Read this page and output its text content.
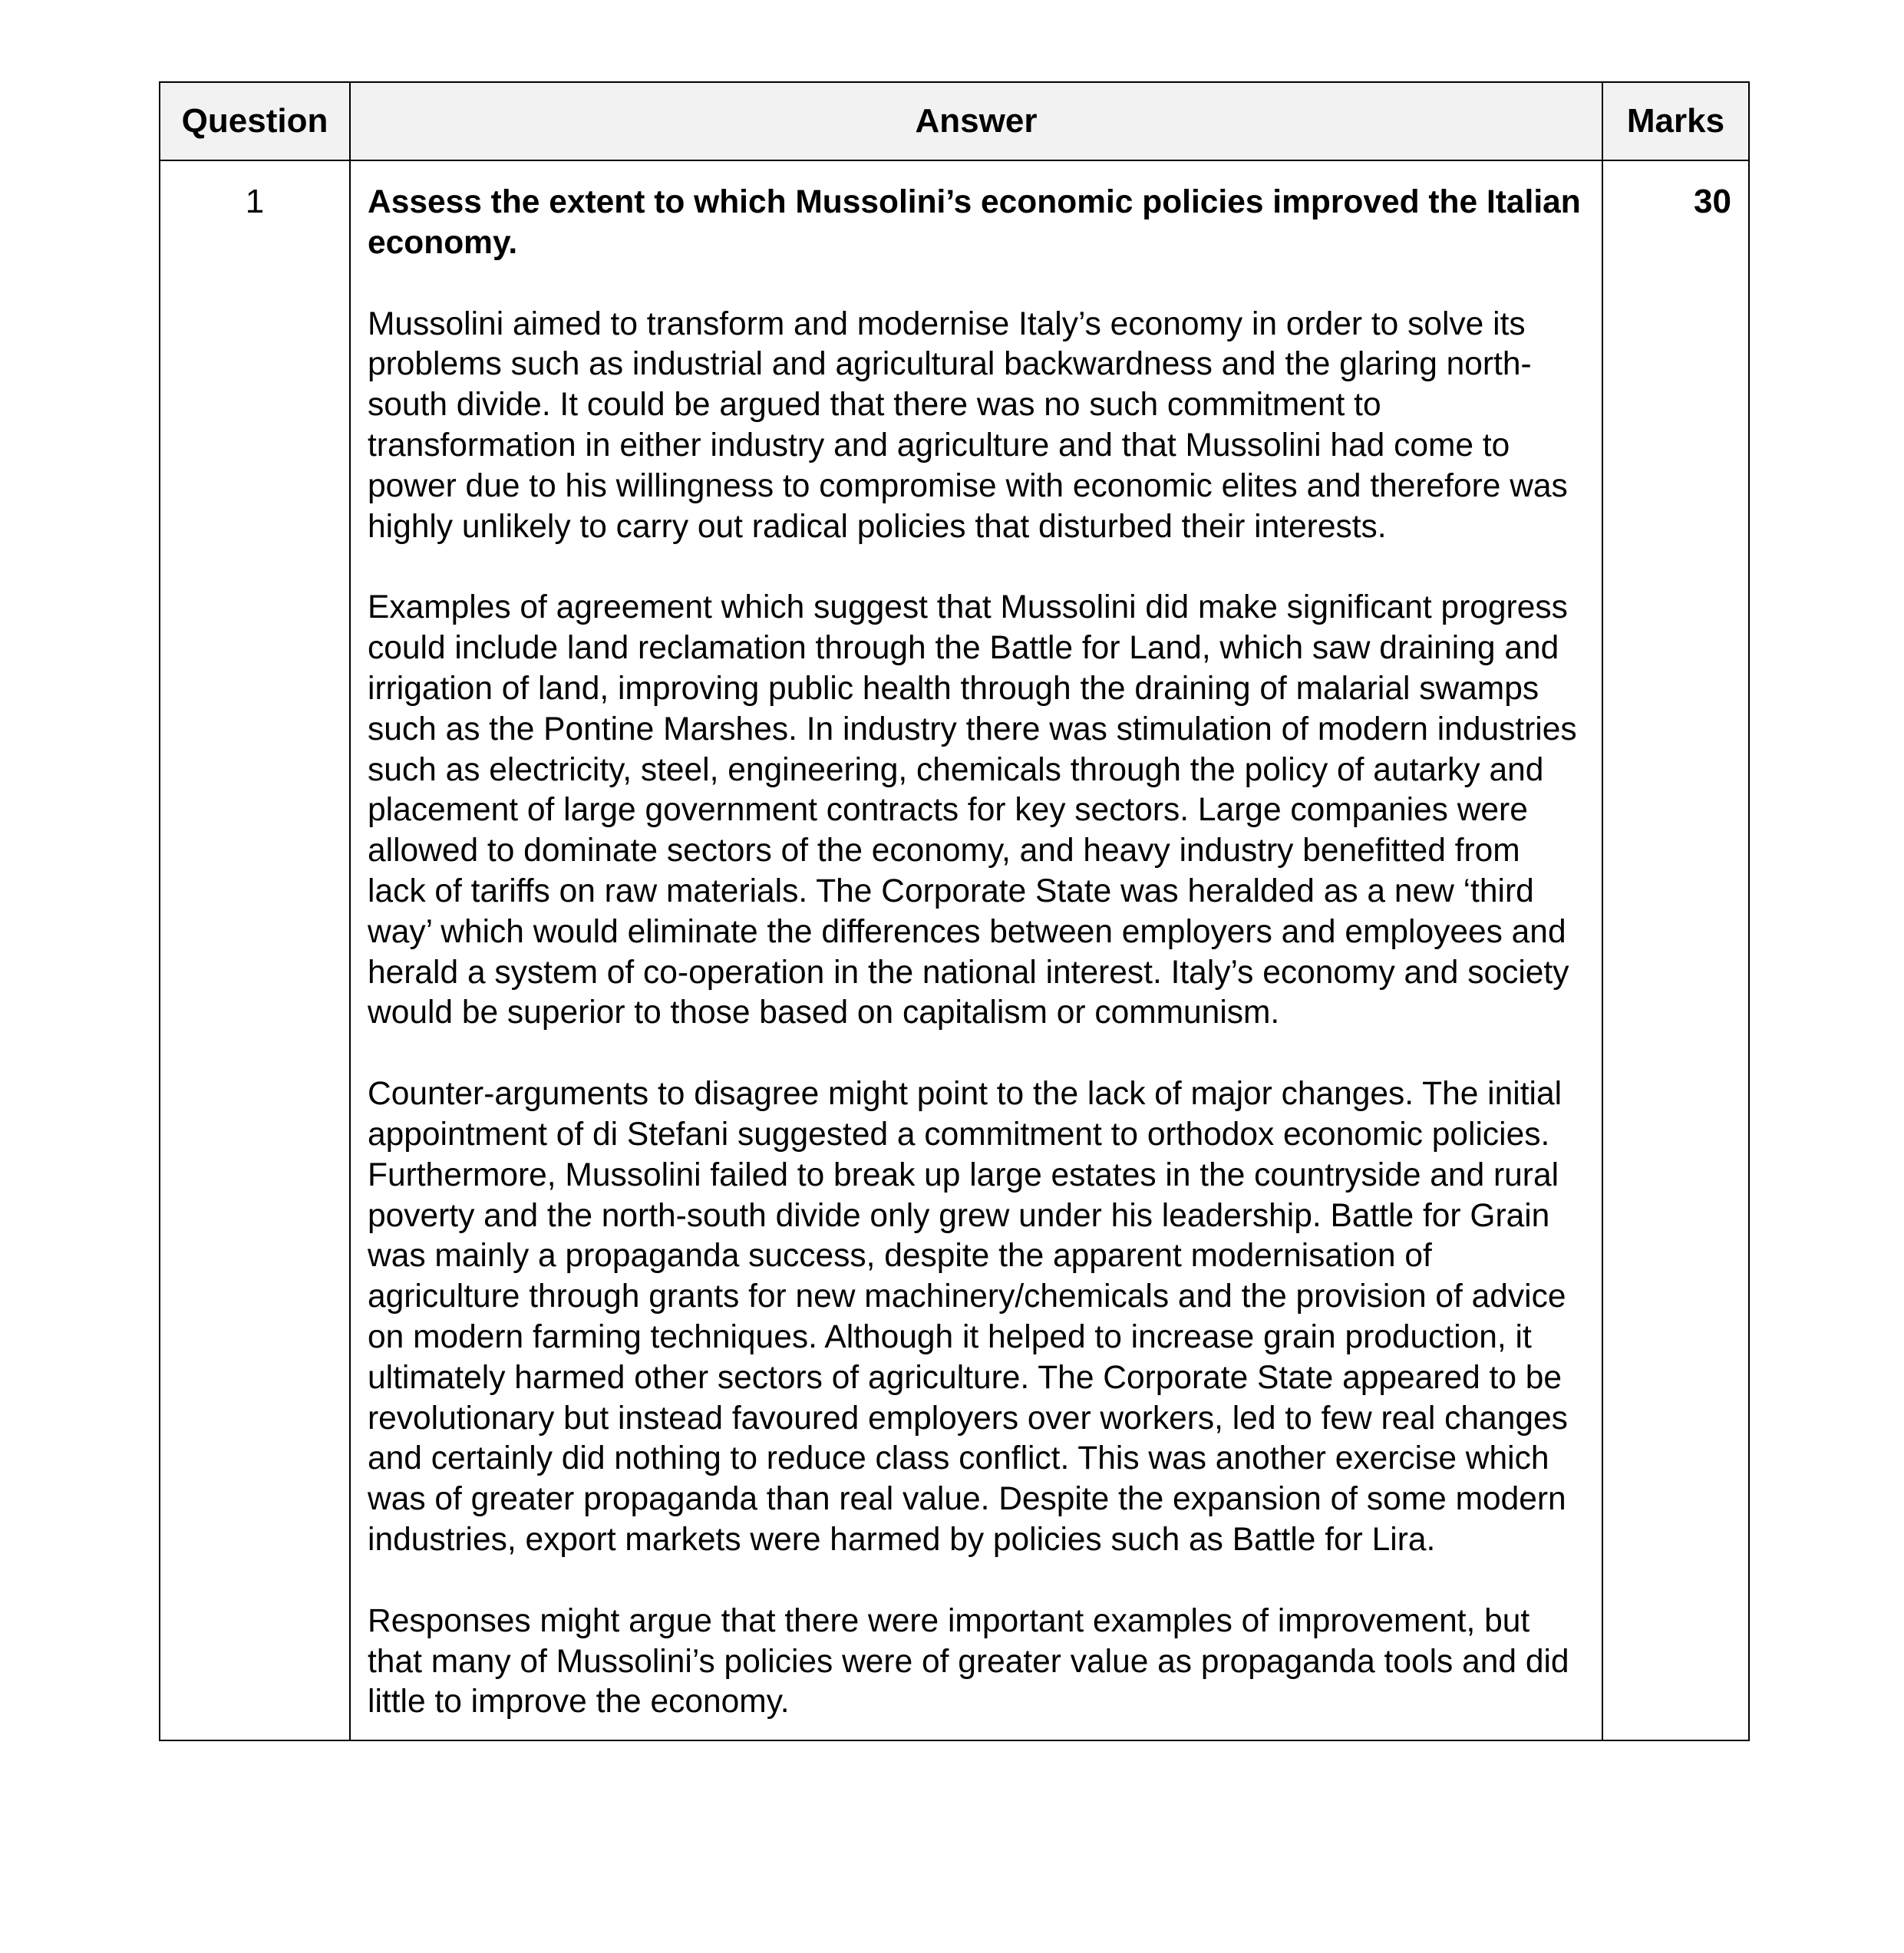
Question	Answer	Marks
1	Assess the extent to which Mussolini’s economic policies improved the Italian economy.
Mussolini aimed to transform and modernise Italy’s economy in order to solve its problems such as industrial and agricultural backwardness and the glaring north-south divide. It could be argued that there was no such commitment to transformation in either industry and agriculture and that Mussolini had come to power due to his willingness to compromise with economic elites and therefore was highly unlikely to carry out radical policies that disturbed their interests.
Examples of agreement which suggest that Mussolini did make significant progress could include land reclamation through the Battle for Land, which saw draining and irrigation of land, improving public health through the draining of malarial swamps such as the Pontine Marshes. In industry there was stimulation of modern industries such as electricity, steel, engineering, chemicals through the policy of autarky and placement of large government contracts for key sectors. Large companies were allowed to dominate sectors of the economy, and heavy industry benefitted from lack of tariffs on raw materials. The Corporate State was heralded as a new ‘third way’ which would eliminate the differences between employers and employees and herald a system of co-operation in the national interest. Italy’s economy and society would be superior to those based on capitalism or communism.
Counter-arguments to disagree might point to the lack of major changes. The initial appointment of di Stefani suggested a commitment to orthodox economic policies. Furthermore, Mussolini failed to break up large estates in the countryside and rural poverty and the north-south divide only grew under his leadership. Battle for Grain was mainly a propaganda success, despite the apparent modernisation of agriculture through grants for new machinery/chemicals and the provision of advice on modern farming techniques. Although it helped to increase grain production, it ultimately harmed other sectors of agriculture. The Corporate State appeared to be revolutionary but instead favoured employers over workers, led to few real changes and certainly did nothing to reduce class conflict. This was another exercise which was of greater propaganda than real value. Despite the expansion of some modern industries, export markets were harmed by policies such as Battle for Lira.
Responses might argue that there were important examples of improvement, but that many of Mussolini’s policies were of greater value as propaganda tools and did little to improve the economy.	30
